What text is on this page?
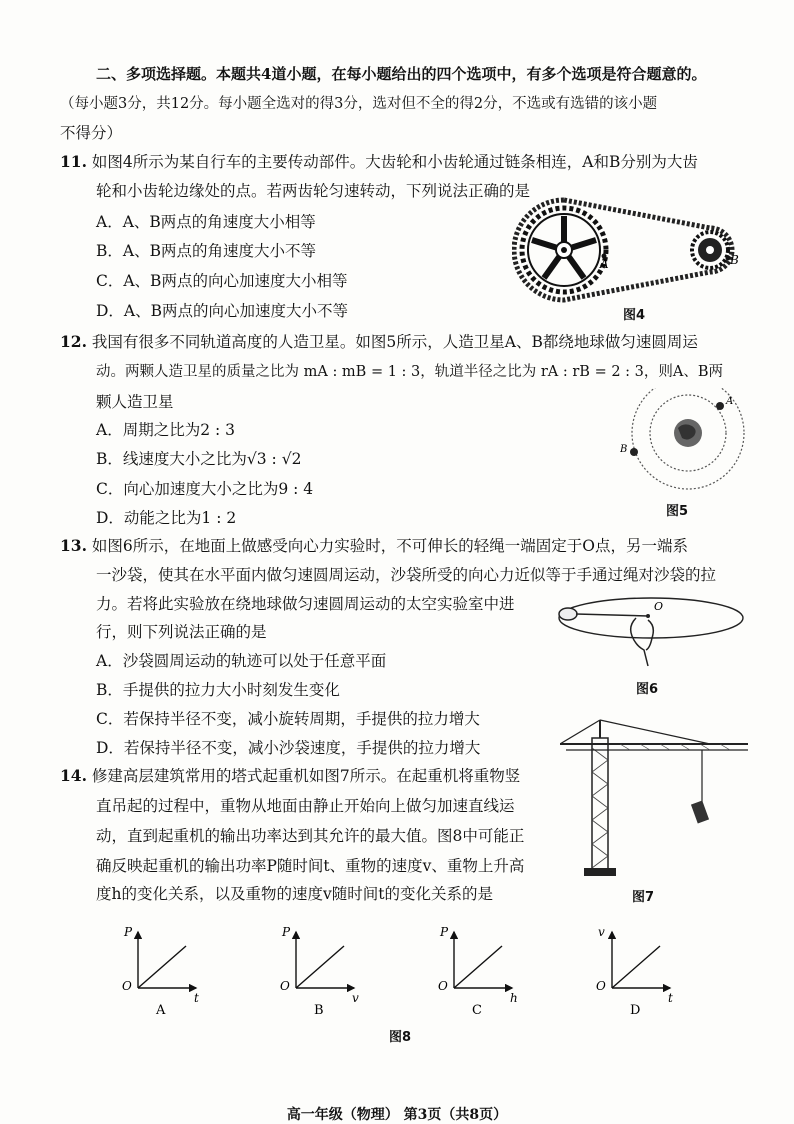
二、多项选择题。本题共4道小题，在每小题给出的四个选项中，有多个选项是符合题意的。
（每小题3分，共12分。每小题全选对的得3分，选对但不全的得2分，不选或有选错的该小题
不得分）
11. 如图4所示为某自行车的主要传动部件。大齿轮和小齿轮通过链条相连，A和B分别为大齿
轮和小齿轮边缘处的点。若两齿轮匀速转动，下列说法正确的是
A．A、B两点的角速度大小相等
B．A、B两点的角速度大小不等
C．A、B两点的向心加速度大小相等
D．A、B两点的向心加速度大小不等
A	B
图4
12. 我国有很多不同轨道高度的人造卫星。如图5所示，人造卫星A、B都绕地球做匀速圆周运
动。两颗人造卫星的质量之比为 mA : mB = 1 : 3，轨道半径之比为 rA : rB = 2 : 3，则A、B两
颗人造卫星
A．周期之比为2 : 3
B．线速度大小之比为√3 : √2
C．向心加速度大小之比为9 : 4
D．动能之比为1 : 2
A
B
图5
13. 如图6所示，在地面上做感受向心力实验时，不可伸长的轻绳一端固定于O点，另一端系
一沙袋，使其在水平面内做匀速圆周运动，沙袋所受的向心力近似等于手通过绳对沙袋的拉
力。若将此实验放在绕地球做匀速圆周运动的太空实验室中进
行，则下列说法正确的是
A．沙袋圆周运动的轨迹可以处于任意平面
B．手提供的拉力大小时刻发生变化
C．若保持半径不变，减小旋转周期，手提供的拉力增大
D．若保持半径不变，减小沙袋速度，手提供的拉力增大
O
图6
图7
14. 修建高层建筑常用的塔式起重机如图7所示。在起重机将重物竖
直吊起的过程中，重物从地面由静止开始向上做匀加速直线运
动，直到起重机的输出功率达到其允许的最大值。图8中可能正
确反映起重机的输出功率P随时间t、重物的速度v、重物上升高
度h的变化关系，以及重物的速度v随时间t的变化关系的是
P
t
O
A
P
v
O
B
P
h
O
C
v
t
O
D
图8
高一年级（物理） 第3页（共8页）
